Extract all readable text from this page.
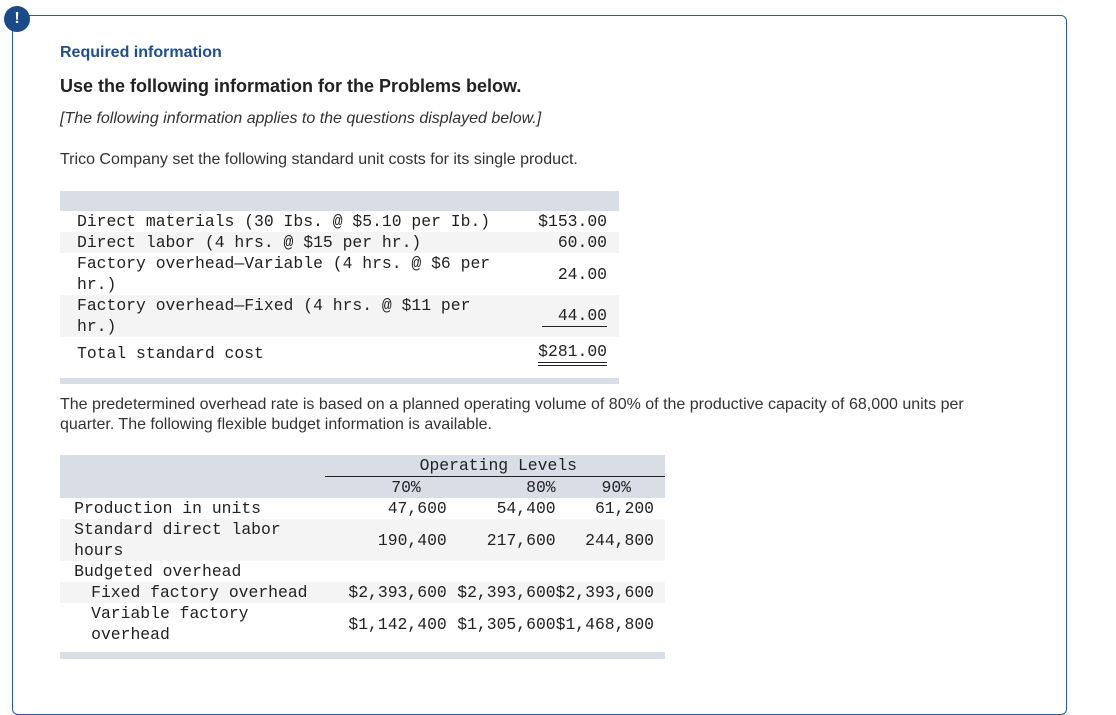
!
Required information
Use the following information for the Problems below.
[The following information applies to the questions displayed below.]
Trico Company set the following standard unit costs for its single product.

	Direct materials (30 Ibs. @ $5.10 per Ib.)	$153.00
	Direct labor (4 hrs. @ $15 per hr.)	60.00
	Factory overhead—Variable (4 hrs. @ $6 per hr.)	24.00
	Factory overhead—Fixed (4 hrs. @ $11 per hr.)	44.00
	Total standard cost	$281.00

The predetermined overhead rate is based on a planned operating volume of 80% of the productive capacity of 68,000 units per quarter. The following flexible budget information is available.
		Operating Levels		
		70%	80%	90%
	Production in units	47,600	54,400	61,200
	Standard direct labor hours	190,400	217,600	244,800
	Budgeted overhead			
	Fixed factory overhead	$2,393,600	$2,393,600	$2,393,600
	Variable factory overhead	$1,142,400	$1,305,600	$1,468,800
